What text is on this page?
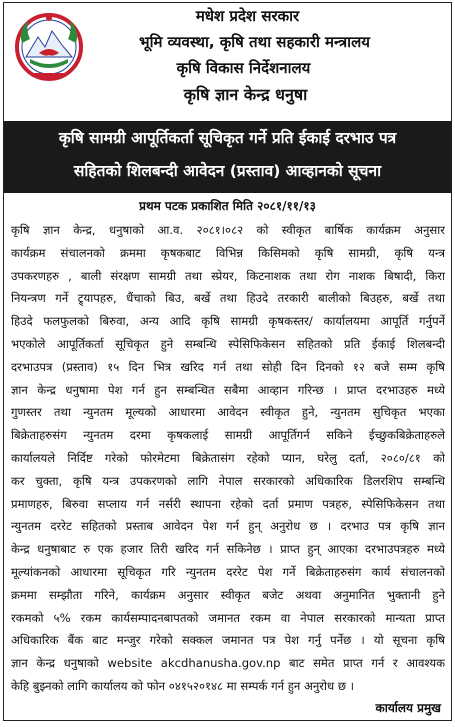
मधेश प्रदेश सरकार
भूमि व्यवस्था, कृषि तथा सहकारी मन्त्रालय
कृषि विकास निर्देशनालय
कृषि ज्ञान केन्द्र धनुषा
कृषि सामग्री आपूर्तिकर्ता सूचिकृत गर्ने प्रति ईकाई दरभाउ पत्र
सहितको शिलबन्दी आवेदन (प्रस्ताव) आव्हानको सूचना
प्रथम पटक प्रकाशित मिति २०८१/११/१३
कृषि ज्ञान केन्द्र, धनुषाको आ.व. २०८१।०८२ को स्वीकृत बार्षिक कार्यक्रम अनुसार
कार्यक्रम संचालनको क्रममा कृषकबाट विभिन्न किसिमको कृषि सामग्री, कृषि यन्त्र
उपकरणहरु , बाली संरक्षण सामग्री तथा स्प्रेयर, किटनाशक तथा रोग नाशक बिषादी, किरा
नियन्त्रण गर्ने ट्र्यापहरु, धैंचाको बिउ, बर्खे तथा हिउदे तरकारी बालीको बिउहरु, बर्खे तथा
हिउदे फलफुलको बिरुवा, अन्य आदि कृषि सामग्री कृषकस्तर/ कार्यालयमा आपूर्ति गर्नुपर्ने
भएकोले आपूर्तिकर्ता सूचिकृत हुने सम्बन्धि स्पेसिफिकेसन सहितको प्रति ईकाई शिलबन्दी
दरभाउपत्र (प्रस्ताव) १५ दिन भित्र खरिद गर्न तथा सोही दिन दिनको १२ बजे सम्म कृषि
ज्ञान केन्द्र धनुषामा पेश गर्न हुन सम्बन्धित सबैमा आव्हान गरिन्छ । प्राप्त दरभाउहरु मध्ये
गुणस्तर तथा न्युनतम मूल्यको आधारमा आवेदन स्वीकृत हुने, न्युनतम सुचिकृत भएका
बिक्रेताहरुसंग न्युनतम दरमा कृषकलाई सामग्री आपूर्तिगर्न सकिने ईच्छुकबिक्रेताहरुले
कार्यालयले निर्दिष्ट गरेको फोरमेटमा बिक्रेतासंग रहेको प्यान, घरेलु दर्ता, २०८०/८१ को
कर चुक्ता, कृषि यन्त्र उपकरणको लागि नेपाल सरकारको अधिकारिक डिलरशिप सम्बन्धि
प्रमाणहरु, बिरुवा सप्लाय गर्न नर्सरी स्थापना रहेको दर्ता प्रमाण पत्रहरु, स्पेसिफिकेसन तथा
न्युनतम दररेट सहितको प्रस्ताब आवेदन पेश गर्न हुन् अनुरोध छ । दरभाउ पत्र कृषि ज्ञान
केन्द्र धनुषाबाट रु एक हजार तिरी खरिद गर्न सकिनेछ । प्राप्त हुन् आएका दरभाउपत्रहरु मध्ये
मूल्यांकनको आधारमा सूचिकृत गरि न्युनतम दररेट पेश गर्ने बिक्रेताहरुसंग कार्य संचालनको
क्रममा सम्झौता गरिने, कार्यक्रम अनुसार स्वीकृत बजेट अथवा अनुमानित भुक्तानी हुने
रकमको ५% रकम कार्यसम्पादनबापतको जमानत रकम वा नेपाल सरकारको मान्यता प्राप्त
अधिकारिक बैंक बाट मन्जुर गरेको सक्कल जमानत पत्र पेश गर्नु पर्नेछ । यो सूचना कृषि
ज्ञान केन्द्र धनुषाको website akcdhanusha.gov.np बाट समेत प्राप्त गर्न र आवश्यक
केहि बुझ्नको लागि कार्यालय को फोन ०४१५२०१४८ मा सम्पर्क गर्न हुन अनुरोध छ ।
कार्यालय प्रमुख
